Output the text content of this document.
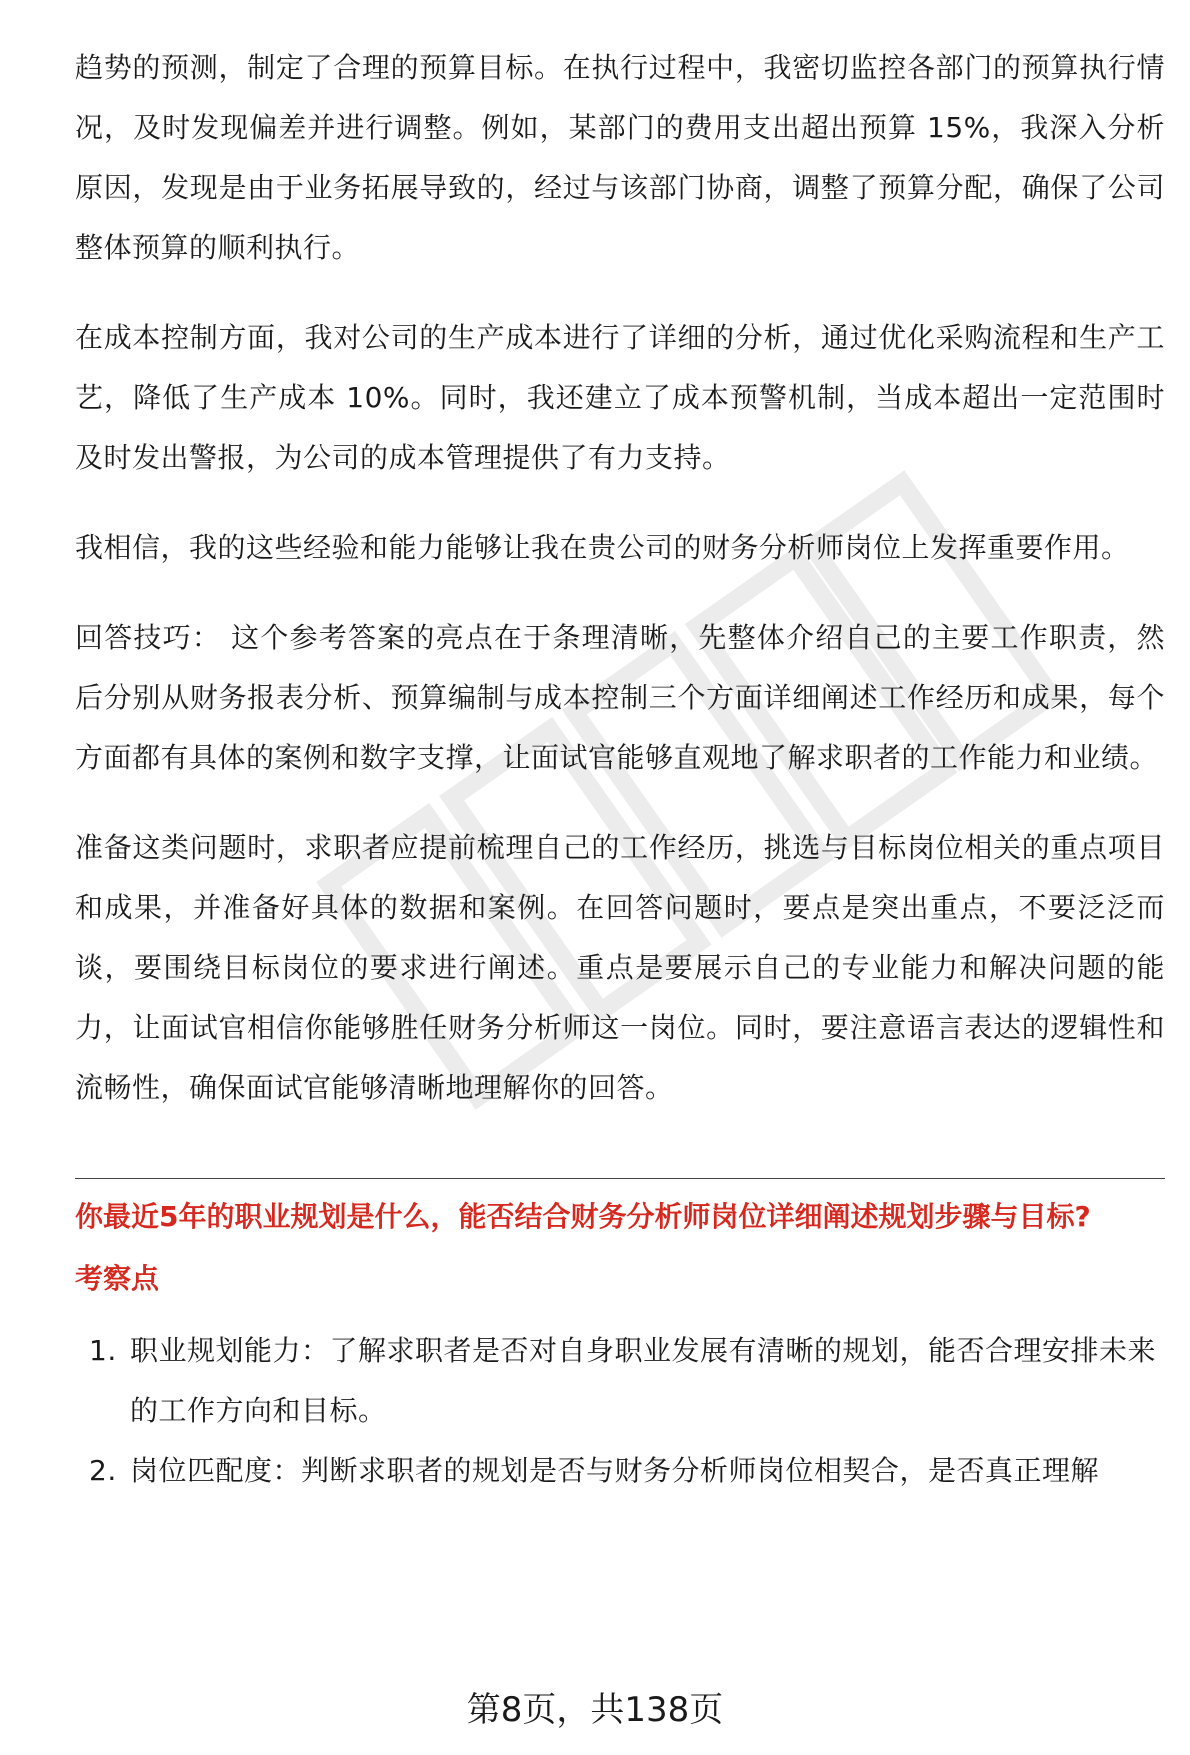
趋势的预测，制定了合理的预算目标。在执行过程中，我密切监控各部门的预算执行情况，及时发现偏差并进行调整。例如，某部门的费用支出超出预算 15%，我深入分析原因，发现是由于业务拓展导致的，经过与该部门协商，调整了预算分配，确保了公司整体预算的顺利执行。

在成本控制方面，我对公司的生产成本进行了详细的分析，通过优化采购流程和生产工艺，降低了生产成本 10%。同时，我还建立了成本预警机制，当成本超出一定范围时及时发出警报，为公司的成本管理提供了有力支持。

我相信，我的这些经验和能力能够让我在贵公司的财务分析师岗位上发挥重要作用。

回答技巧： 这个参考答案的亮点在于条理清晰，先整体介绍自己的主要工作职责，然后分别从财务报表分析、预算编制与成本控制三个方面详细阐述工作经历和成果，每个方面都有具体的案例和数字支撑，让面试官能够直观地了解求职者的工作能力和业绩。

准备这类问题时，求职者应提前梳理自己的工作经历，挑选与目标岗位相关的重点项目和成果，并准备好具体的数据和案例。在回答问题时，要点是突出重点，不要泛泛而谈，要围绕目标岗位的要求进行阐述。重点是要展示自己的专业能力和解决问题的能力，让面试官相信你能够胜任财务分析师这一岗位。同时，要注意语言表达的逻辑性和流畅性，确保面试官能够清晰地理解你的回答。

你最近5年的职业规划是什么，能否结合财务分析师岗位详细阐述规划步骤与目标?
考察点
1. 职业规划能力：了解求职者是否对自身职业发展有清晰的规划，能否合理安排未来的工作方向和目标。
2. 岗位匹配度：判断求职者的规划是否与财务分析师岗位相契合，是否真正理解
第8页，共138页
